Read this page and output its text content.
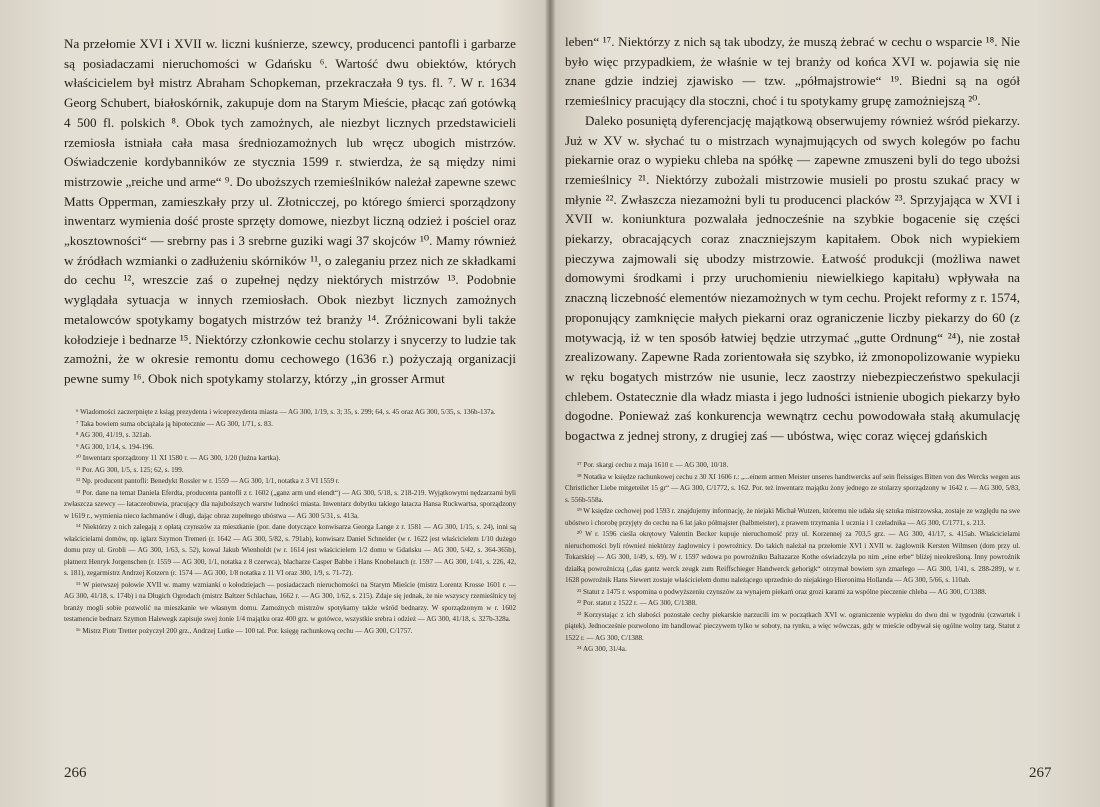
Na przełomie XVI i XVII w. liczni kuśnierze, szewcy, producenci pantofli i garbarze są posiadaczami nieruchomości w Gdańsku ⁶. Wartość dwu obiektów, których właścicielem był mistrz Abraham Schopkeman, przekraczała 9 tys. fl. ⁷. W r. 1634 Georg Schubert, białoskórnik, zakupuje dom na Starym Mieście, płacąc zań gotówką 4 500 fl. polskich ⁸. Obok tych zamożnych, ale niezbyt licznych przedstawicieli rzemiosła istniała cała masa średniozamożnych lub wręcz ubogich mistrzów. Oświadczenie kordybanników ze stycznia 1599 r. stwierdza, że są między nimi mistrzowie „reiche und arme“ ⁹. Do uboższych rzemieślników należał zapewne szewc Matts Opperman, zamieszkały przy ul. Złotnicczej, po którego śmierci sporządzony inwentarz wymienia dość proste sprzęty domowe, niezbyt liczną odzież i pościel oraz „kosztowności“ — srebrny pas i 3 srebrne guziki wagi 37 skojców ¹⁰. Mamy również w źródłach wzmianki o zadłużeniu skórników ¹¹, o zaleganiu przez nich ze składkami do cechu ¹², wreszcie zaś o zupełnej nędzy niektórych mistrzów ¹³. Podobnie wyglądała sytuacja w innych rzemiosłach. Obok niezbyt licznych zamożnych metalowców spotykamy bogatych mistrzów też branży ¹⁴. Zróżnicowani byli także kołodzieje i bednarze ¹⁵. Niektórzy członkowie cechu stolarzy i snycerzy to ludzie tak zamożni, że w okresie remontu domu cechowego (1636 r.) pożyczają organizacji pewne sumy ¹⁶. Obok nich spotykamy stolarzy, którzy „in grosser Armut

⁶ Wiadomości zaczerpnięte z ksiąg prezydenta i wiceprezydenta miasta — AG 300, 1/19, s. 3; 35, s. 299; 64, s. 45 oraz AG 300, 5/35, s. 136b-137a.

⁷ Taka bowiem suma obciążała ją hipotecznie — AG 300, 1/71, s. 83.

⁸ AG 300, 41/19, s. 321ab.

⁹ AG 300, 1/14, s. 194-196.

¹⁰ Inwentarz sporządzony 11 XI 1580 r. — AG 300, 1/20 (luźna kartka).

¹¹ Por. AG 300, 1/5, s. 125; 62, s. 199.

¹² Np. producent pantofli: Benedykt Rossler w r. 1559 — AG 300, 1/1, notatka z 3 VI 1559 r.

¹³ Por. dane na temat Daniela Eferdta, producenta pantofli z r. 1602 („ganz arm und elendt“) — AG 300, 5/18, s. 218-219. Wyjątkowymi nędzarzami byli zwłaszcza szewcy — łataczeobuwia, pracujący dla najuboższych warstw ludności miasta. Inwentarz dobytku takiego łatacza Hansa Ruckwartsa, sporządzony w 1619 r., wymienia nieco łachmanów i długi, dając obraz zupełnego ubóstwa — AG 300 5/31, s. 413a.

¹⁴ Niektórzy z nich zalegają z opłatą czynszów za mieszkanie (por. dane dotyczące konwisarza Georga Lange z r. 1581 — AG 300, 1/15, s. 24), inni są właścicielami domów, np. iglarz Szymon Tremeri (r. 1642 — AG 300, 5/82, s. 791ab), konwisarz Daniel Schneider (w r. 1622 jest właścicielem 1/10 dużego domu przy ul. Grobli — AG 300, 1/63, s. 52), kowal Jakub Wienholdt (w r. 1614 jest właścicielem 1/2 domu w Gdańsku — AG 300, 5/42, s. 364-365b), płatnerz Henryk Jorgenschen (r. 1559 — AG 300, 1/1, notatka z 8 czerwca), blacharze Casper Babbe i Hans Knobelauch (r. 1597 — AG 300, 1/41, s. 226, 42, s. 181), zegarmistrz Andrzej Kotzern (r. 1574 — AG 300, 1/8 notatka z 11 VI oraz 300, 1/9, s. 71-72).

¹⁵ W pierwszej połowie XVII w. mamy wzmianki o kołodziejach — posiadaczach nieruchomości na Starym Mieście (mistrz Lorentz Krosse 1601 r. — AG 300, 41/18, s. 174b) i na Długich Ogrodach (mistrz Baltzer Schlachau, 1662 r. — AG 300, 1/62, s. 215). Zdaje się jednak, że nie wszyscy rzemieślnicy tej branży mogli sobie pozwolić na mieszkanie we własnym domu. Zamożnych mistrzów spotykamy także wśród bednarzy. W sporządzonym w r. 1602 testamencie bednarz Szymon Halewegk zapisuje swej żonie 1/4 majątku oraz 400 grz. w gotówce, wszystkie srebra i odzież — AG 300, 41/18, s. 327b-328a.

¹⁶ Mistrz Piotr Tretter pożyczył 200 grz., Andrzej Lutke — 100 tal. Por. księgę rachunkową cechu — AG 300, C/1757.

266

leben“ ¹⁷. Niektórzy z nich są tak ubodzy, że muszą żebrać w cechu o wsparcie ¹⁸. Nie było więc przypadkiem, że właśnie w tej branży od końca XVI w. pojawia się nie znane gdzie indziej zjawisko — tzw. „półmajstrowie“ ¹⁹. Biedni są na ogół rzemieślnicy pracujący dla stoczni, choć i tu spotykamy grupę zamożniejszą ²⁰.

Daleko posuniętą dyferencjację majątkową obserwujemy również wśród piekarzy. Już w XV w. słychać tu o mistrzach wynajmujących od swych kolegów po fachu piekarnie oraz o wypieku chleba na spółkę — zapewne zmuszeni byli do tego ubożsi rzemieślnicy ²¹. Niektórzy zubożali mistrzowie musieli po prostu szukać pracy w młynie ²². Zwłaszcza niezamożni byli tu producenci placków ²³. Sprzyjająca w XVI i XVII w. koniunktura pozwalała jednocześnie na szybkie bogacenie się części piekarzy, obracających coraz znaczniejszym kapitałem. Obok nich wypiekiem pieczywa zajmowali się ubodzy mistrzowie. Łatwość produkcji (możliwa nawet domowymi środkami i przy uruchomieniu niewielkiego kapitału) wpływała na znaczną liczebność elementów niezamożnych w tym cechu. Projekt reformy z r. 1574, proponujący zamknięcie małych piekarni oraz ograniczenie liczby piekarzy do 60 (z motywacją, iż w ten sposób łatwiej będzie utrzymać „gutte Ordnung“ ²⁴), nie został zrealizowany. Zapewne Rada zorientowała się szybko, iż zmonopolizowanie wypieku w ręku bogatych mistrzów nie usunie, lecz zaostrzy niebezpieczeństwo spekulacji chlebem. Ostatecznie dla władz miasta i jego ludności istnienie ubogich piekarzy było dogodne. Ponieważ zaś konkurencja wewnątrz cechu powodowała stałą akumulację bogactwa z jednej strony, z drugiej zaś — ubóstwa, więc coraz więcej gdańskich

¹⁷ Por. skargi cechu z maja 1610 r. — AG 300, 10/18.

¹⁸ Notatka w księdze rachunkowej cechu z 30 XI 1606 r.: „...einem armen Meister unseres handtwercks auf sein fleissiges Bitten von des Wercks wegen aus Christlicher Liebe mitgeteilet 15 gr“ — AG 300, C/1772, s. 162. Por. też inwentarz majątku żony jednego ze stolarzy sporządzony w 1642 r. — AG 300, 5/83, s. 556b-558a.

¹⁹ W księdze cechowej pod 1593 r. znajdujemy informację, że niejaki Michał Wutzen, któremu nie udała się sztuka mistrzowska, zostaje ze względu na swe ubóstwo i chorobę przyjęty do cechu na 6 lat jako półmajster (halbmeister), z prawem trzymania 1 ucznia i 1 czeladnika — AG 300, C/1771, s. 213.

²⁰ W r. 1596 cieśla okrętowy Valentin Becker kupuje nieruchomość przy ul. Korzennej za 703,5 grz. — AG 300, 41/17, s. 415ab. Właścicielami nieruchomości byli również niektórzy żaglownicy i powroźnicy. Do takich należał na przełomie XVI i XVII w. żaglownik Kersten Wilmsen (dom przy ul. Tokarskiej — AG 300, 1/49, s. 69). W r. 1597 wdowa po powroźniku Baltazarze Kothe oświadczyła po nim „eine erbe“ bliżej nieokreśloną. Inny powroźnik działką powroźniczą („das gantz werck zeugk zum Reiffschieger Handwerck gehorigk“ otrzymał bowiem syn zmarłego — AG 300, 1/41, s. 288-289), w r. 1628 powroźnik Hans Siewert zostaje właścicielem domu należącego uprzednio do niejakiego Hieronima Hollanda — AG 300, 5/66, s. 110ab.

²¹ Statut z 1475 r. wspomina o podwyższeniu czynszów za wynajem piekarń oraz grozi karami za wspólne pieczenie chleba — AG 300, C/1388.

²² Por. statut z 1522 r. — AG 300, C/1388.

²³ Korzystając z ich słabości pozostałe cechy piekarskie narzucili im w początkach XVI w. ograniczenie wypieku do dwu dni w tygodniu (czwartek i piątek). Jednocześnie pozwolono im handlować pieczywem tylko w soboty, na rynku, a więc wówczas, gdy w mieście odbywał się ogólne wolny targ. Statut z 1522 r. — AG 300, C/1388.

²⁴ AG 300, 31/4a.

267
